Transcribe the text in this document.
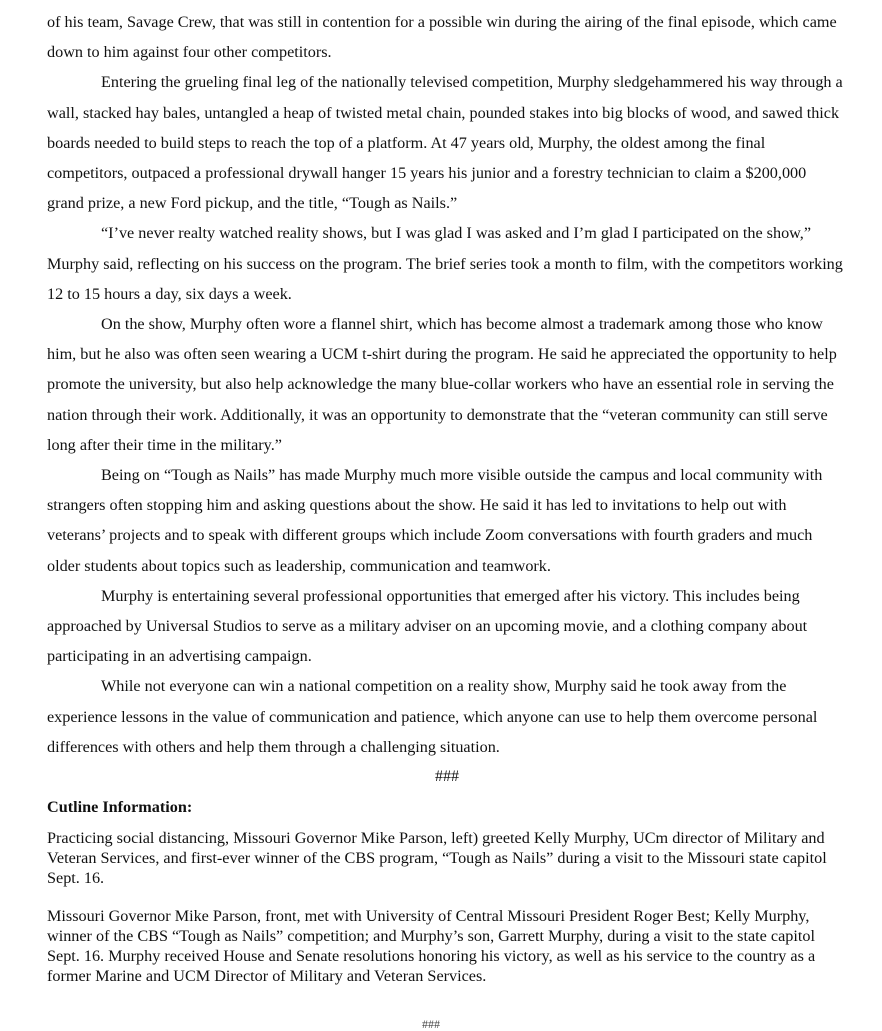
of his team, Savage Crew, that was still in contention for a possible win during the airing of the final episode, which came down to him against four other competitors.

Entering the grueling final leg of the nationally televised competition, Murphy sledgehammered his way through a wall, stacked hay bales, untangled a heap of twisted metal chain, pounded stakes into big blocks of wood, and sawed thick boards needed to build steps to reach the top of a platform. At 47 years old, Murphy, the oldest among the final competitors, outpaced a professional drywall hanger 15 years his junior and a forestry technician to claim a $200,000 grand prize, a new Ford pickup, and the title, “Tough as Nails.”

“I’ve never realty watched reality shows, but I was glad I was asked and I’m glad I participated on the show,” Murphy said, reflecting on his success on the program. The brief series took a month to film, with the competitors working 12 to 15 hours a day, six days a week.

On the show, Murphy often wore a flannel shirt, which has become almost a trademark among those who know him, but he also was often seen wearing a UCM t-shirt during the program. He said he appreciated the opportunity to help promote the university, but also help acknowledge the many blue-collar workers who have an essential role in serving the nation through their work. Additionally, it was an opportunity to demonstrate that the “veteran community can still serve long after their time in the military.”

Being on “Tough as Nails” has made Murphy much more visible outside the campus and local community with strangers often stopping him and asking questions about the show. He said it has led to invitations to help out with veterans’ projects and to speak with different groups which include Zoom conversations with fourth graders and much older students about topics such as leadership, communication and teamwork.

Murphy is entertaining several professional opportunities that emerged after his victory. This includes being approached by Universal Studios to serve as a military adviser on an upcoming movie, and a clothing company about participating in an advertising campaign.

While not everyone can win a national competition on a reality show, Murphy said he took away from the experience lessons in the value of communication and patience, which anyone can use to help them overcome personal differences with others and help them through a challenging situation.

###
Cutline Information:

Practicing social distancing, Missouri Governor Mike Parson, left) greeted Kelly Murphy, UCm director of Military and Veteran Services, and first-ever winner of the CBS program, “Tough as Nails” during a visit to the Missouri state capitol Sept. 16.

Missouri Governor Mike Parson, front, met with University of Central Missouri President Roger Best; Kelly Murphy, winner of the CBS “Tough as Nails” competition; and Murphy’s son, Garrett Murphy, during a visit to the state capitol Sept. 16. Murphy received House and Senate resolutions honoring his victory, as well as his service to the country as a former Marine and UCM Director of Military and Veteran Services.

###
